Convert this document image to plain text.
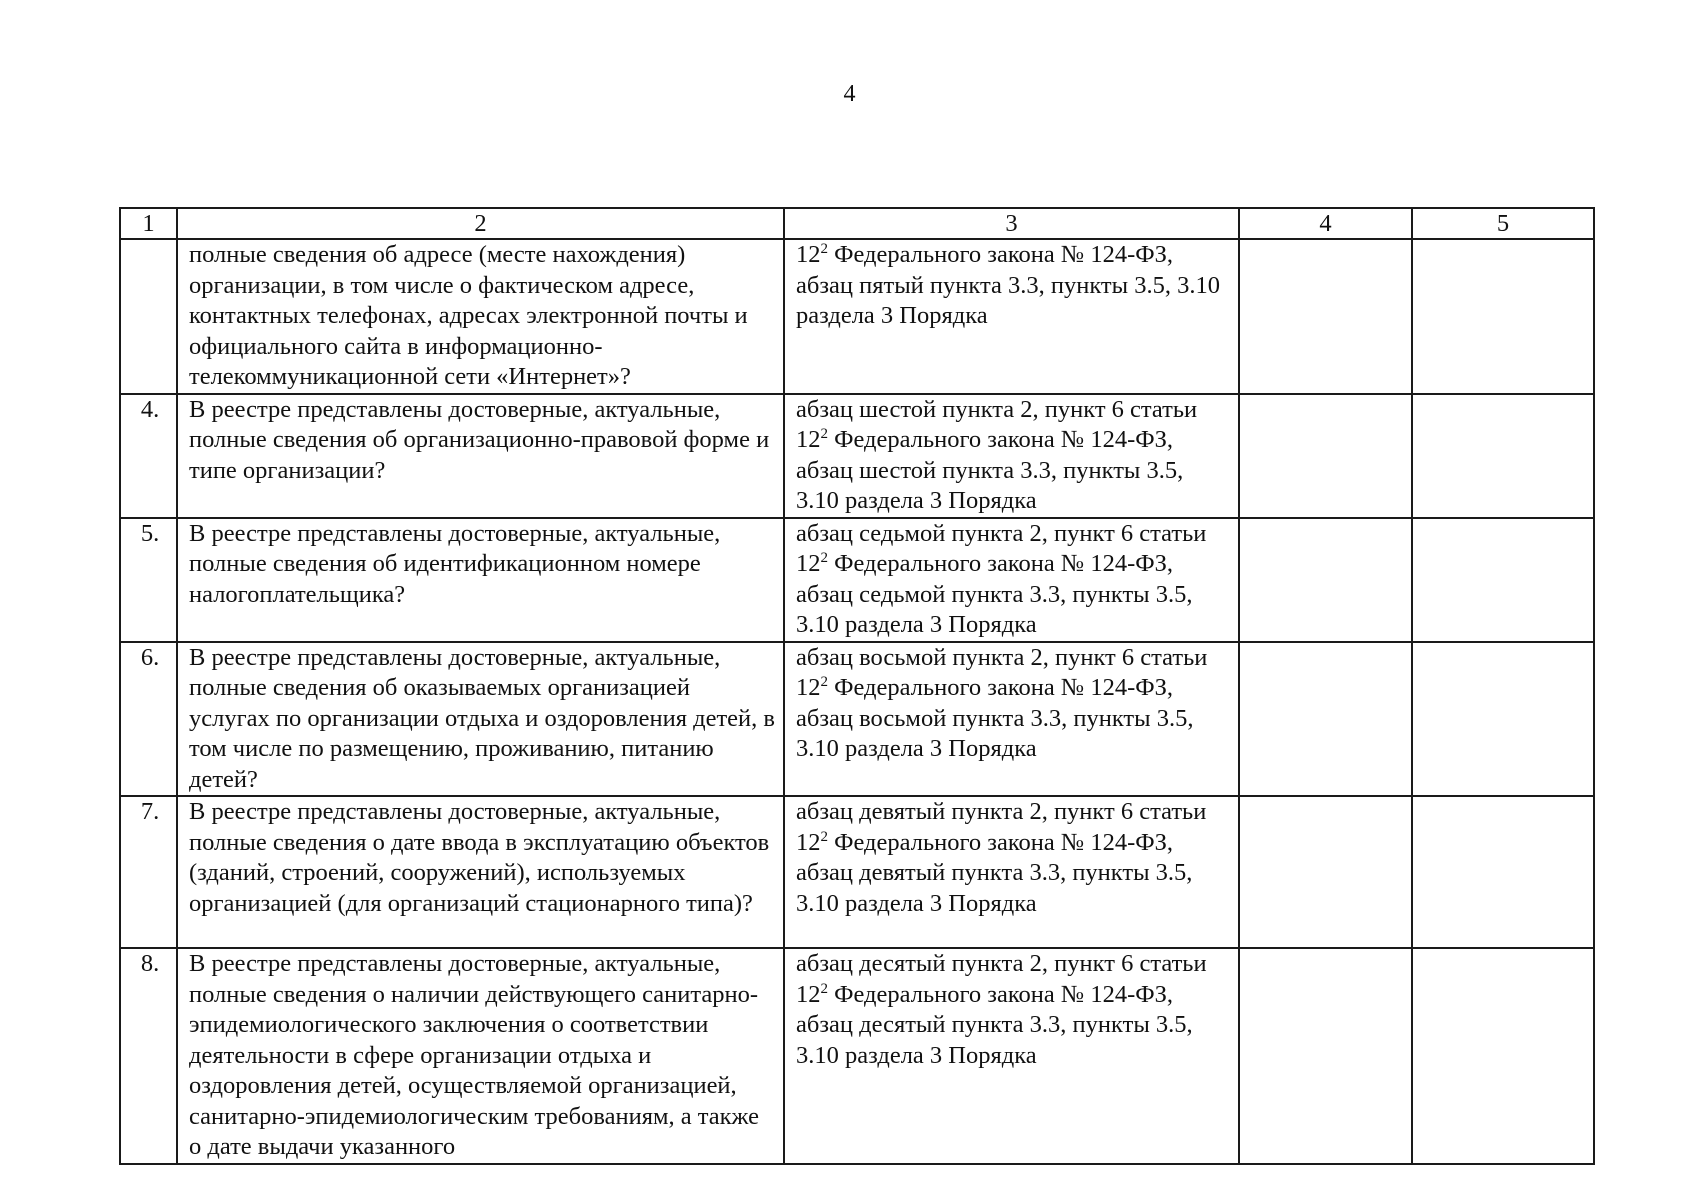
4
1	2	3	4	5
	полные сведения об адресе (месте нахождения) организации, в том числе о фактическом адресе, контактных телефонах, адресах электронной почты и официального сайта в информационно-телекоммуникационной сети «Интернет»?	$12^2$ Федерального закона № 124-ФЗ, абзац пятый пункта 3.3, пункты 3.5, 3.10 раздела 3 Порядка		
4.	В реестре представлены достоверные, актуальные, полные сведения об организационно-правовой форме и типе организации?	абзац шестой пункта 2, пункт 6 статьи $12^2$ Федерального закона № 124-ФЗ, абзац шестой пункта 3.3, пункты 3.5, 3.10 раздела 3 Порядка		
5.	В реестре представлены достоверные, актуальные, полные сведения об идентификационном номере налогоплательщика?	абзац седьмой пункта 2, пункт 6 статьи $12^2$ Федерального закона № 124-ФЗ, абзац седьмой пункта 3.3, пункты 3.5, 3.10 раздела 3 Порядка		
6.	В реестре представлены достоверные, актуальные, полные сведения об оказываемых организацией услугах по организации отдыха и оздоровления детей, в том числе по размещению, проживанию, питанию детей?	абзац восьмой пункта 2, пункт 6 статьи $12^2$ Федерального закона № 124-ФЗ, абзац восьмой пункта 3.3, пункты 3.5, 3.10 раздела 3 Порядка		
7.	В реестре представлены достоверные, актуальные, полные сведения о дате ввода в эксплуатацию объектов (зданий, строений, сооружений), используемых организацией (для организаций стационарного типа)?	абзац девятый пункта 2, пункт 6 статьи $12^2$ Федерального закона № 124-ФЗ, абзац девятый пункта 3.3, пункты 3.5, 3.10 раздела 3 Порядка		
8.	В реестре представлены достоверные, актуальные, полные сведения о наличии действующего санитарно-эпидемиологического заключения о соответствии деятельности в сфере организации отдыха и оздоровления детей, осуществляемой организацией, санитарно-эпидемиологическим требованиям, а также о дате выдачи указанного	абзац десятый пункта 2, пункт 6 статьи $12^2$ Федерального закона № 124-ФЗ, абзац десятый пункта 3.3, пункты 3.5, 3.10 раздела 3 Порядка		
